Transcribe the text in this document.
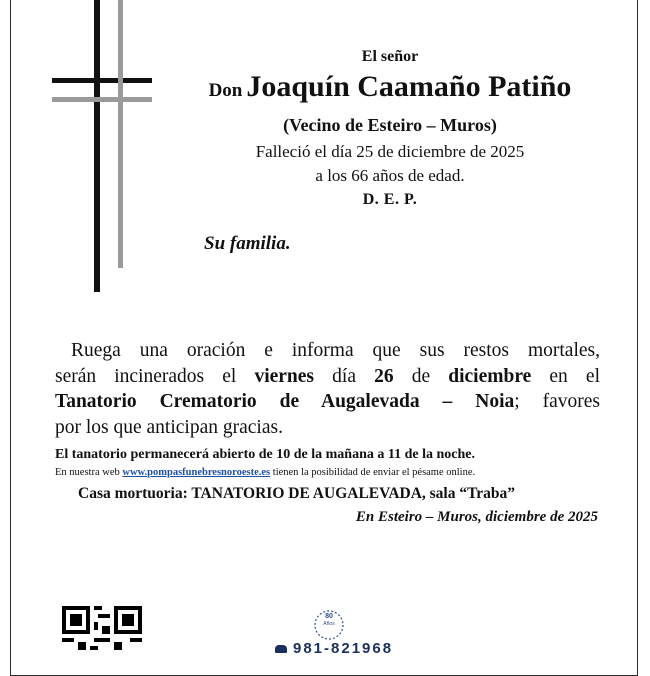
El señor
Don Joaquín Caamaño Patiño
(Vecino de Esteiro – Muros)
Falleció el día 25 de diciembre de 2025
a los 66 años de edad.
D. E. P.
Su familia.

Ruega una oración e informa que sus restos mortales,

serán incinerados el viernes día 26 de diciembre en el

Tanatorio Crematorio de Augalevada – Noia; favores

por los que anticipan gracias.

El tanatorio permanecerá abierto de 10 de la mañana a 11 de la noche.
En nuestra web www.pompasfunebresnoroeste.es tienen la posibilidad de enviar el pésame online.
Casa mortuoria: TANATORIO DE AUGALEVADA, sala “Traba”
En Esteiro – Muros, diciembre de 2025
80
Años
981-821968
